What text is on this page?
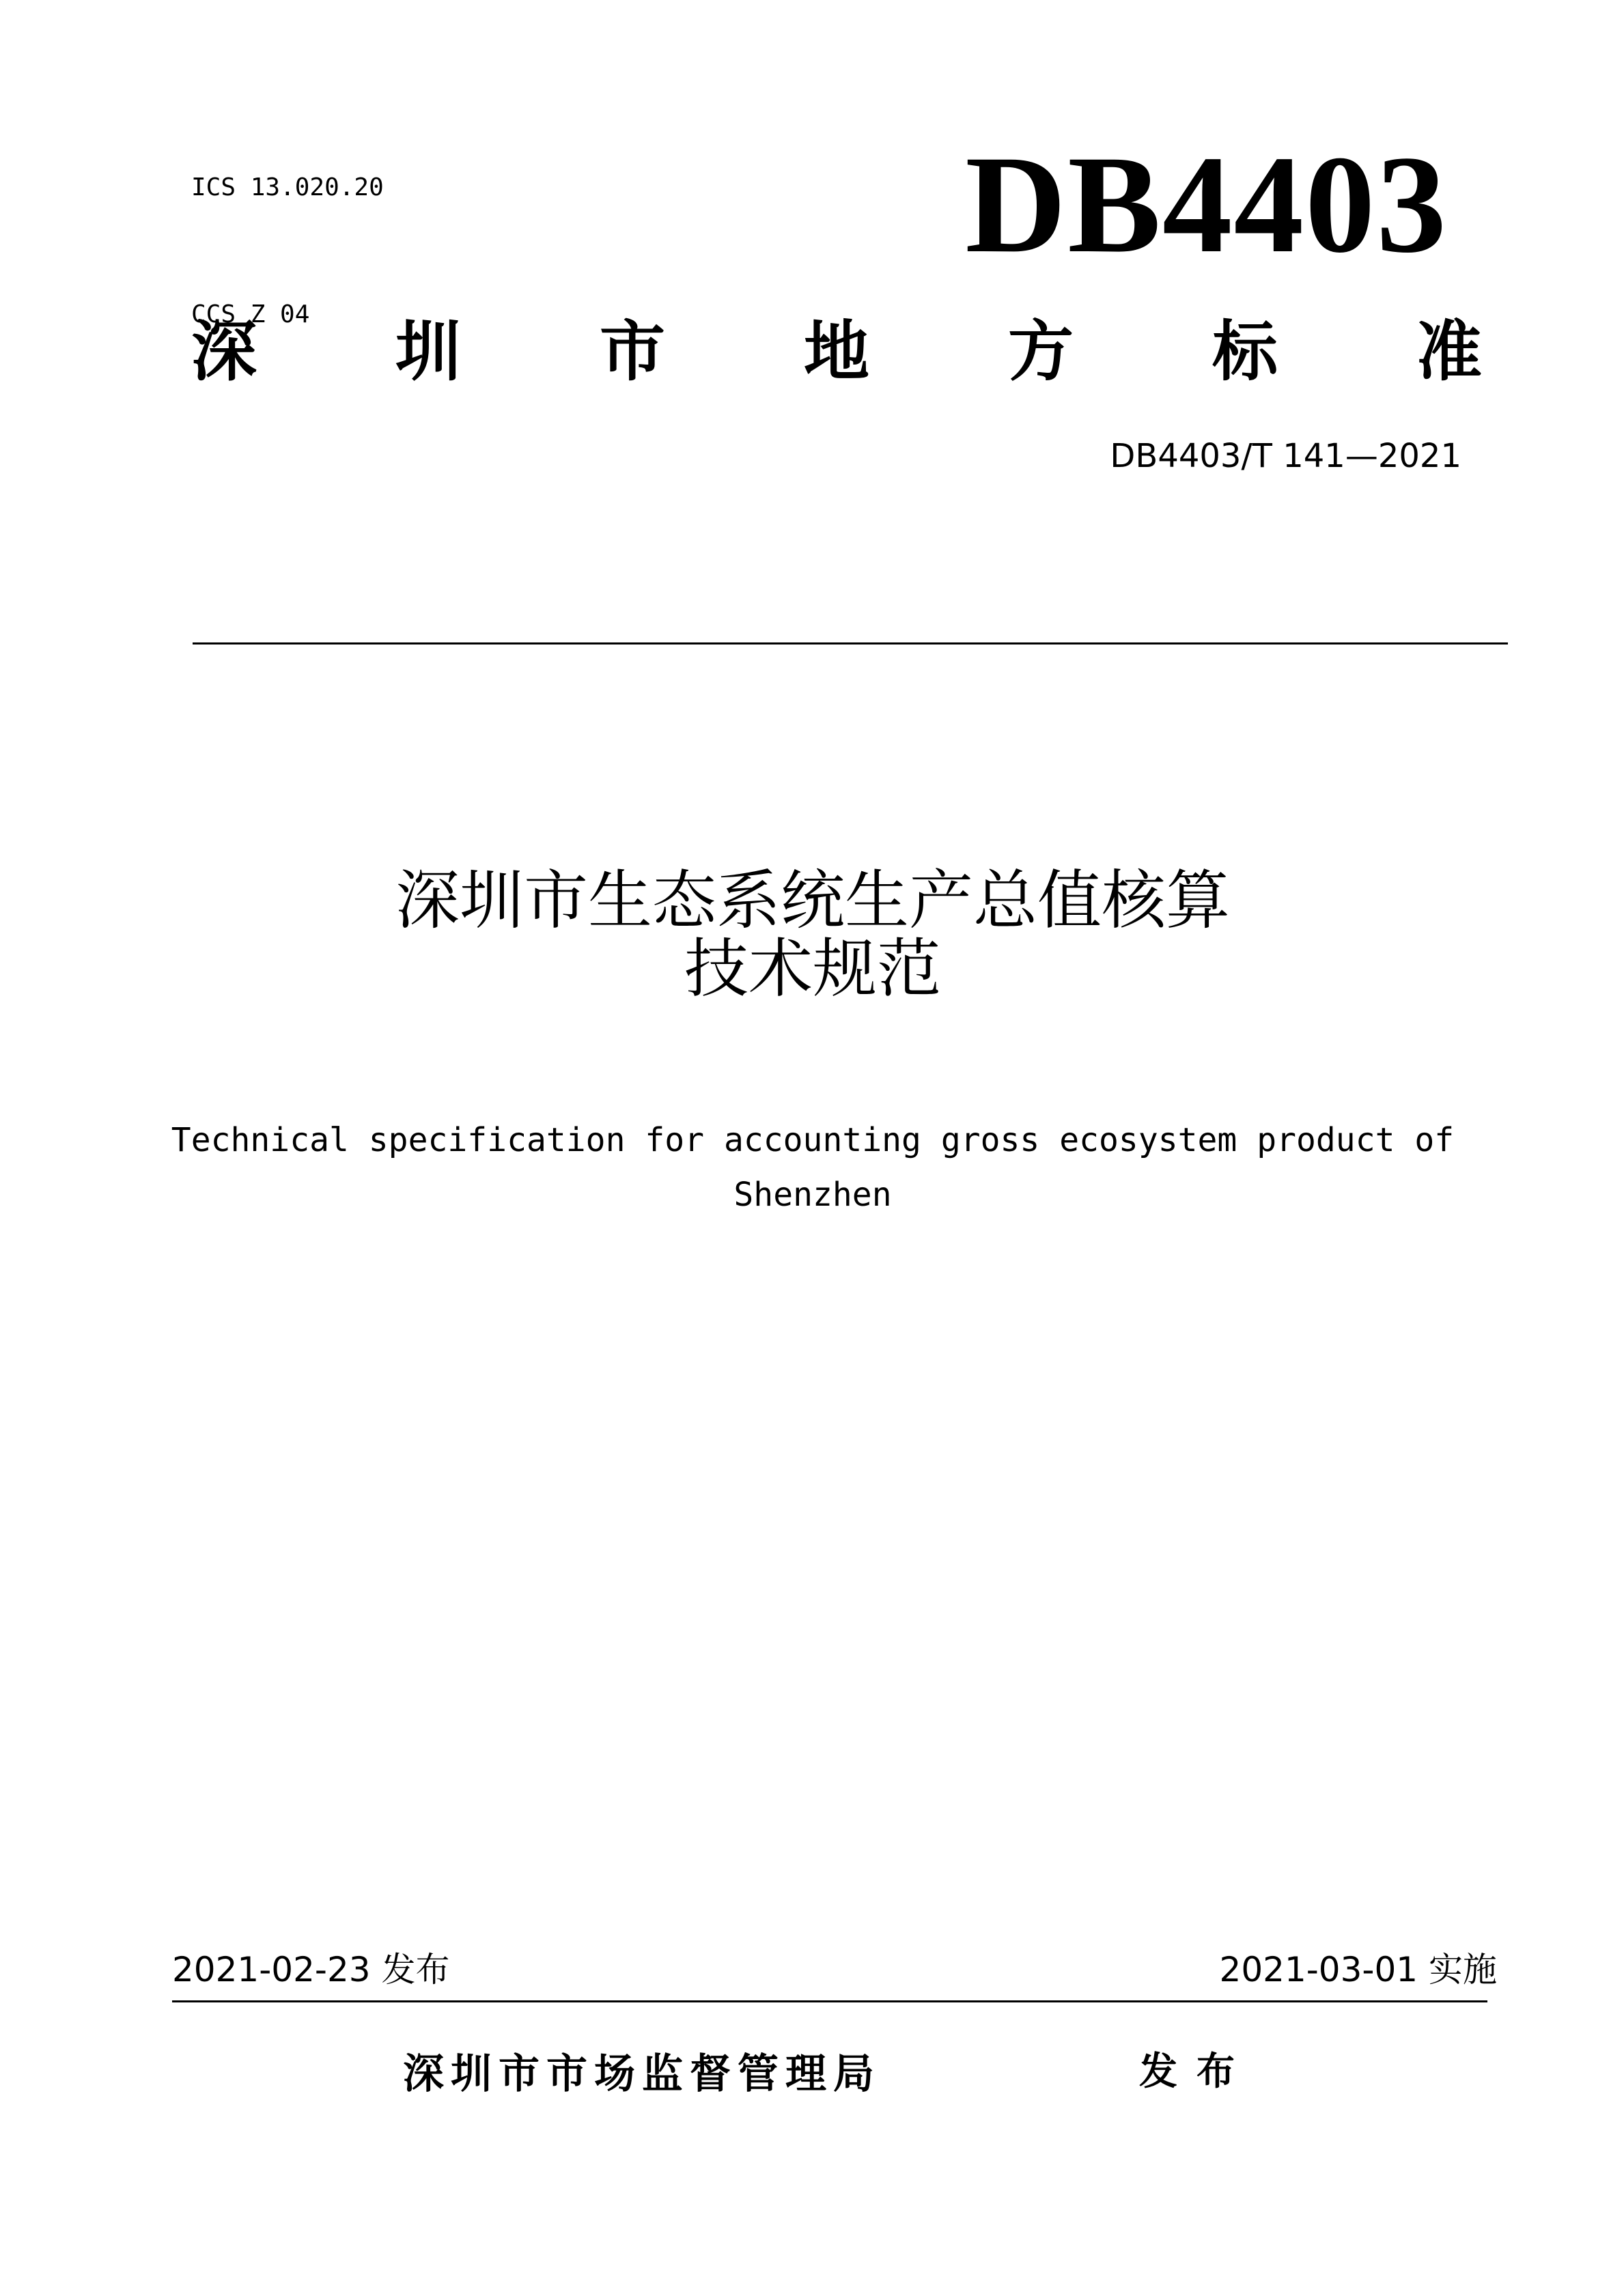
ICS 13.020.20

CCS Z 04

DB4403
深 圳 市 地 方 标 准
DB4403/T 141—2021
深圳市生态系统生产总值核算
技术规范
Technical specification for accounting gross ecosystem product of
Shenzhen
2021-02-23 发布	2021-03-01 实施
深圳市市场监督管理局	发布
